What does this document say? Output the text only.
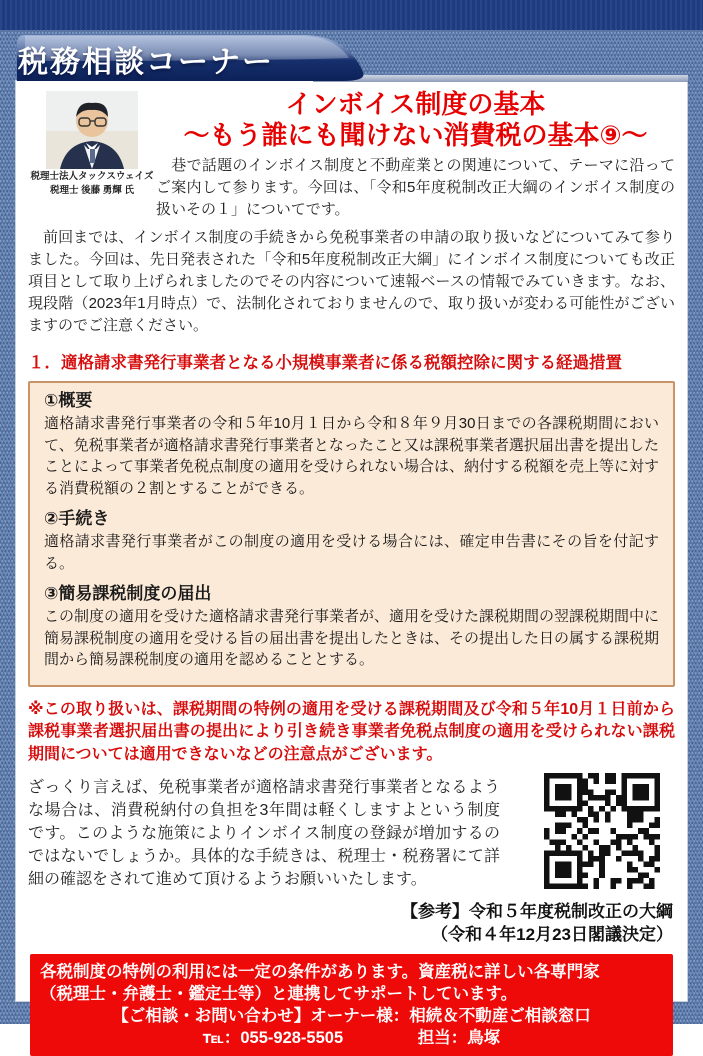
税務相談コーナー
税理士法人タックスウェイズ
税理士 後藤 勇輝 氏
インボイス制度の基本
～もう誰にも聞けない消費税の基本⑨～
　巷で話題のインボイス制度と不動産業との関連について、テーマに沿ってご案内して参ります。今回は、「令和5年度税制改正大綱のインボイス制度の扱いその１」についてです。
　前回までは、インボイス制度の手続きから免税事業者の申請の取り扱いなどについてみて参りました。今回は、先日発表された「令和5年度税制改正大綱」にインボイス制度についても改正項目として取り上げられましたのでその内容について速報ベースの情報でみていきます。なお、現段階（2023年1月時点）で、法制化されておりませんので、取り扱いが変わる可能性がございますのでご注意ください。
１．適格請求書発行事業者となる小規模事業者に係る税額控除に関する経過措置
①概要
適格請求書発行事業者の令和５年10月１日から令和８年９月30日までの各課税期間において、免税事業者が適格請求書発行事業者となったこと又は課税事業者選択届出書を提出したことによって事業者免税点制度の適用を受けられない場合は、納付する税額を売上等に対する消費税額の２割とすることができる。
②手続き
適格請求書発行事業者がこの制度の適用を受ける場合には、確定申告書にその旨を付記する。
③簡易課税制度の届出
この制度の適用を受けた適格請求書発行事業者が、適用を受けた課税期間の翌課税期間中に簡易課税制度の適用を受ける旨の届出書を提出したときは、その提出した日の属する課税期間から簡易課税制度の適用を認めることとする。
※この取り扱いは、課税期間の特例の適用を受ける課税期間及び令和５年10月１日前から課税事業者選択届出書の提出により引き続き事業者免税点制度の適用を受けられない課税期間については適用できないなどの注意点がございます。
ざっくり言えば、免税事業者が適格請求書発行事業者となるような場合は、消費税納付の負担を3年間は軽くしますよという制度です。このような施策によりインボイス制度の登録が増加するのではないでしょうか。具体的な手続きは、税理士・税務署にて詳細の確認をされて進めて頂けるようお願いいたします。
【参考】令和５年度税制改正の大綱
（令和４年12月23日閣議決定）
各税制度の特例の利用には一定の条件があります。資産税に詳しい各専門家
（税理士・弁護士・鑑定士等）と連携してサポートしています。
【ご相談・お問い合わせ】オーナー様：相続＆不動産ご相談窓口
℡：055-928-5505	担当：鳥塚
